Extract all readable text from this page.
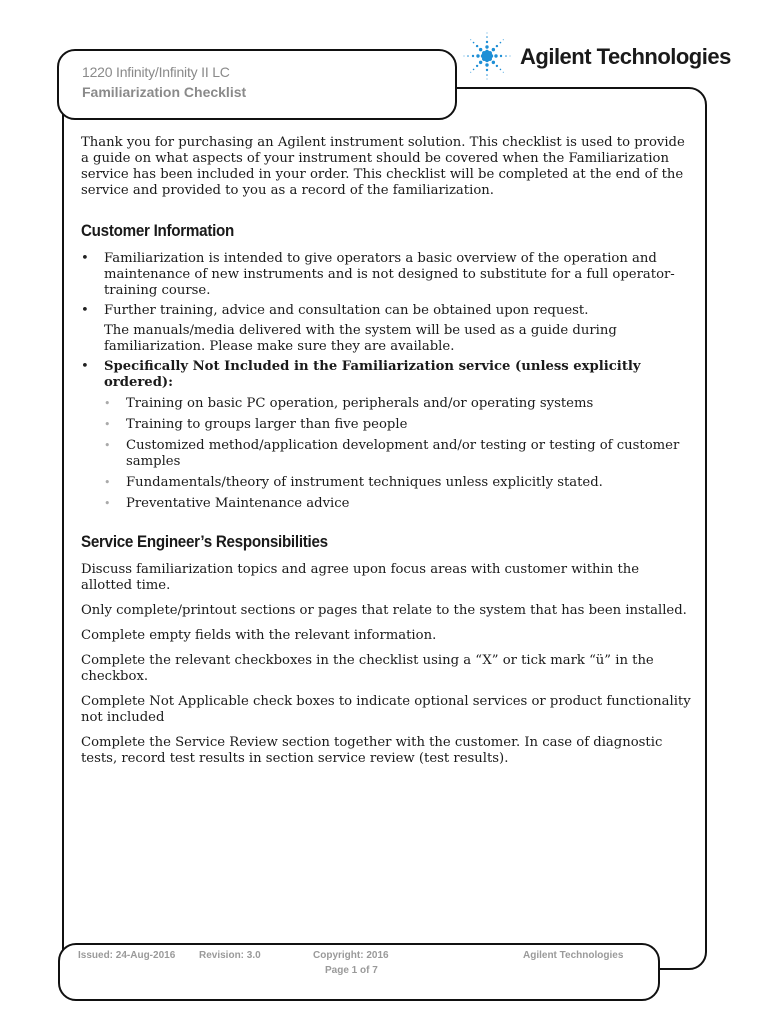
1220 Infinity/Infinity II LC
Familiarization Checklist
Agilent Technologies

Thank you for purchasing an Agilent instrument solution. This checklist is used to provide a guide on what aspects of your instrument should be covered when the Familiarization service has been included in your order. This checklist will be completed at the end of the service and provided to you as a record of the familiarization.

Customer Information
• Familiarization is intended to give operators a basic overview of the operation and maintenance of new instruments and is not designed to substitute for a full operator-training course.
• Further training, advice and consultation can be obtained upon request.
The manuals/media delivered with the system will be used as a guide during familiarization. Please make sure they are available.
• Specifically Not Included in the Familiarization service (unless explicitly ordered):
• Training on basic PC operation, peripherals and/or operating systems
• Training to groups larger than five people
• Customized method/application development and/or testing or testing of customer samples
• Fundamentals/theory of instrument techniques unless explicitly stated.
• Preventative Maintenance advice
Service Engineer’s Responsibilities

Discuss familiarization topics and agree upon focus areas with customer within the allotted time.

Only complete/printout sections or pages that relate to the system that has been installed.

Complete empty fields with the relevant information.

Complete the relevant checkboxes in the checklist using a “X” or tick mark “ü” in the checkbox.

Complete Not Applicable check boxes to indicate optional services or product functionality not included

Complete the Service Review section together with the customer. In case of diagnostic tests, record test results in section service review (test results).

Issued: 24-Aug-2016 Revision: 3.0	Copyright: 2016	Agilent Technologies
Page 1 of 7
